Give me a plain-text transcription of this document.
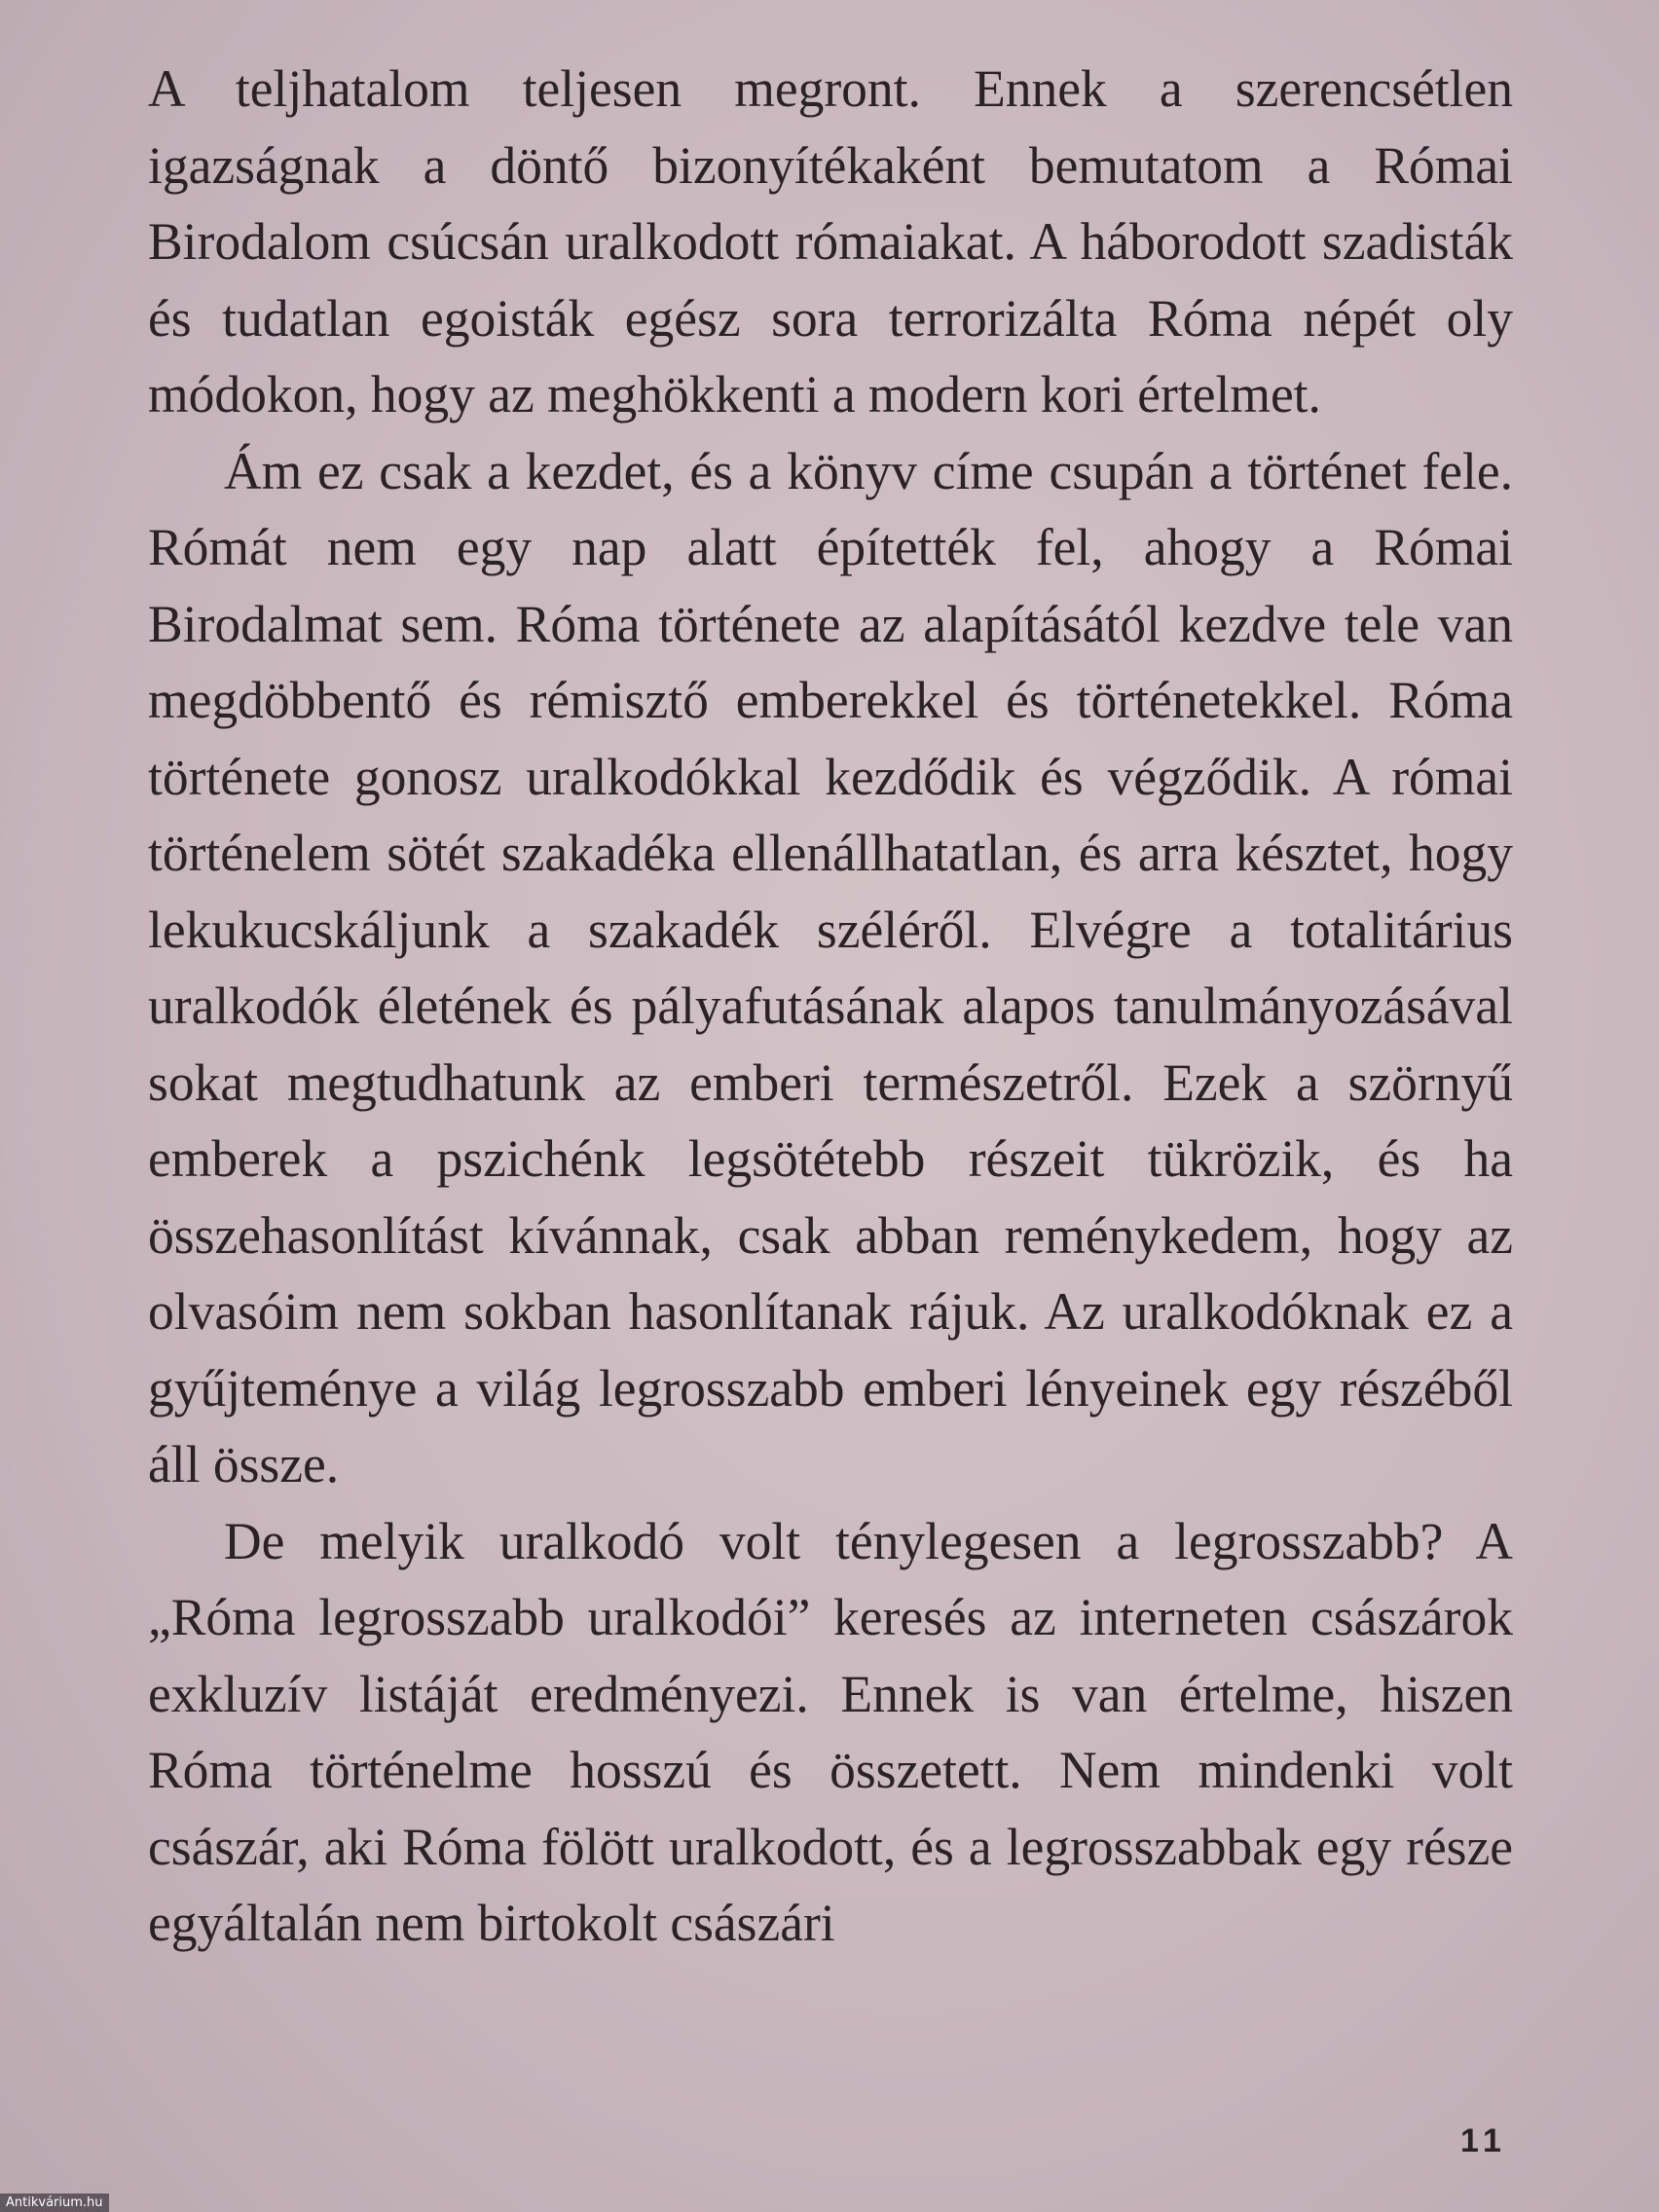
A teljhatalom teljesen megront. Ennek a szerencsétlen igazságnak a döntő bizonyítékaként bemutatom a Római Birodalom csúcsán uralkodott rómaiakat. A háborodott szadisták és tudatlan egoisták egész sora terrorizálta Róma népét oly módokon, hogy az meghökkenti a modern kori értelmet.

Ám ez csak a kezdet, és a könyv címe csupán a történet fele. Rómát nem egy nap alatt építették fel, ahogy a Római Birodalmat sem. Róma története az alapításától kezdve tele van megdöbbentő és rémisztő emberekkel és történetekkel. Róma története gonosz uralkodókkal kezdődik és végződik. A római történelem sötét szakadéka ellenállhatatlan, és arra késztet, hogy lekukucskáljunk a szakadék széléről. Elvégre a totalitárius uralkodók életének és pályafutásának alapos tanulmányozásával sokat megtudhatunk az emberi természetről. Ezek a szörnyű emberek a pszichénk legsötétebb részeit tükrözik, és ha összehasonlítást kívánnak, csak abban reménykedem, hogy az olvasóim nem sokban hasonlítanak rájuk. Az uralkodóknak ez a gyűjteménye a világ legrosszabb emberi lényeinek egy részéből áll össze.

De melyik uralkodó volt ténylegesen a legrosszabb? A „Róma legrosszabb uralkodói” keresés az interneten császárok exkluzív listáját eredményezi. Ennek is van értelme, hiszen Róma történelme hosszú és összetett. Nem mindenki volt császár, aki Róma fölött uralkodott, és a legrosszabbak egy része egyáltalán nem birtokolt császári

11
Antikvárium.hu
